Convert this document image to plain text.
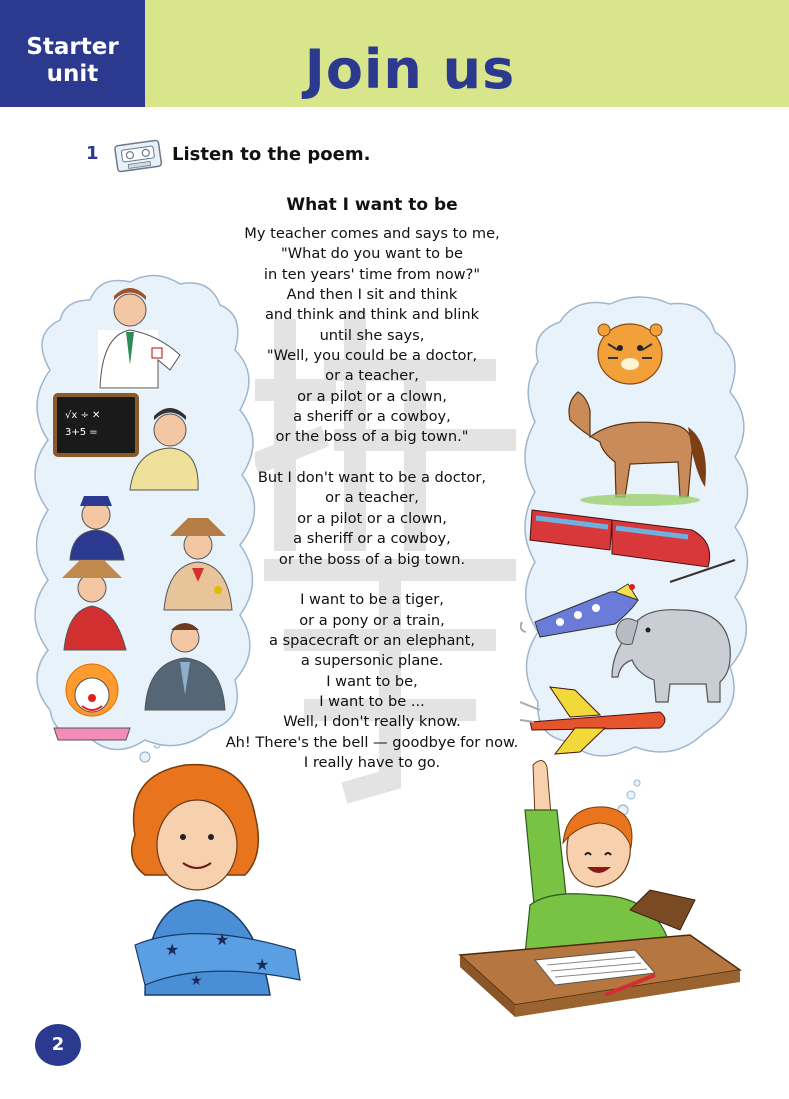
Starter
unit	Join us
1	Listen to the poem.
√x ÷ ✕
3+5 =
★
★
★
★
What I want to be
My teacher comes and says to me,
"What do you want to be
in ten years' time from now?"
And then I sit and think
and think and think and blink
until she says,
"Well, you could be a doctor,
or a teacher,
or a pilot or a clown,
a sheriff or a cowboy,
or the boss of a big town."
But I don't want to be a doctor,
or a teacher,
or a pilot or a clown,
a sheriff or a cowboy,
or the boss of a big town.
I want to be a tiger,
or a pony or a train,
a spacecraft or an elephant,
a supersonic plane.
I want to be,
I want to be ...
Well, I don't really know.
Ah! There's the bell — goodbye for now.
I really have to go.
2
